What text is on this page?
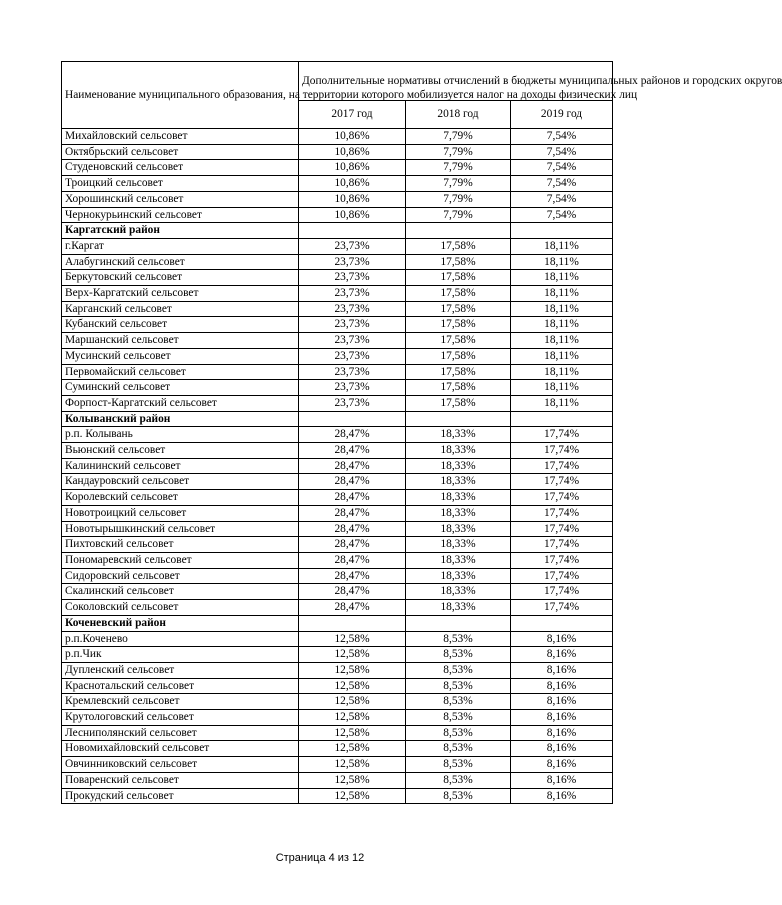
Наименование муниципального образования, на территории которого мобилизуется налог на доходы физических лиц	Дополнительные нормативы отчислений в бюджеты муниципальных районов и городских округов		
	2017 год	2018 год	2019 год
Михайловский сельсовет	10,86%	7,79%	7,54%
Октябрьский сельсовет	10,86%	7,79%	7,54%
Студеновский сельсовет	10,86%	7,79%	7,54%
Троицкий сельсовет	10,86%	7,79%	7,54%
Хорошинский сельсовет	10,86%	7,79%	7,54%
Чернокурьинский сельсовет	10,86%	7,79%	7,54%
Каргатский район			
г.Каргат	23,73%	17,58%	18,11%
Алабугинский сельсовет	23,73%	17,58%	18,11%
Беркутовский сельсовет	23,73%	17,58%	18,11%
Верх-Каргатский сельсовет	23,73%	17,58%	18,11%
Карганский сельсовет	23,73%	17,58%	18,11%
Кубанский сельсовет	23,73%	17,58%	18,11%
Маршанский сельсовет	23,73%	17,58%	18,11%
Мусинский сельсовет	23,73%	17,58%	18,11%
Первомайский сельсовет	23,73%	17,58%	18,11%
Суминский сельсовет	23,73%	17,58%	18,11%
Форпост-Каргатский сельсовет	23,73%	17,58%	18,11%
Колыванский район			
р.п. Колывань	28,47%	18,33%	17,74%
Вьюнский сельсовет	28,47%	18,33%	17,74%
Калининский сельсовет	28,47%	18,33%	17,74%
Кандауровский сельсовет	28,47%	18,33%	17,74%
Королевский сельсовет	28,47%	18,33%	17,74%
Новотроицкий сельсовет	28,47%	18,33%	17,74%
Новотырышкинский сельсовет	28,47%	18,33%	17,74%
Пихтовский сельсовет	28,47%	18,33%	17,74%
Пономаревский сельсовет	28,47%	18,33%	17,74%
Сидоровский сельсовет	28,47%	18,33%	17,74%
Скалинский сельсовет	28,47%	18,33%	17,74%
Соколовский сельсовет	28,47%	18,33%	17,74%
Коченевский район			
р.п.Коченево	12,58%	8,53%	8,16%
р.п.Чик	12,58%	8,53%	8,16%
Дупленский сельсовет	12,58%	8,53%	8,16%
Краснотальский сельсовет	12,58%	8,53%	8,16%
Кремлевский сельсовет	12,58%	8,53%	8,16%
Крутологовский сельсовет	12,58%	8,53%	8,16%
Лесниполянский сельсовет	12,58%	8,53%	8,16%
Новомихайловский сельсовет	12,58%	8,53%	8,16%
Овчинниковский сельсовет	12,58%	8,53%	8,16%
Поваренский сельсовет	12,58%	8,53%	8,16%
Прокудский сельсовет	12,58%	8,53%	8,16%
Страница 4 из 12
